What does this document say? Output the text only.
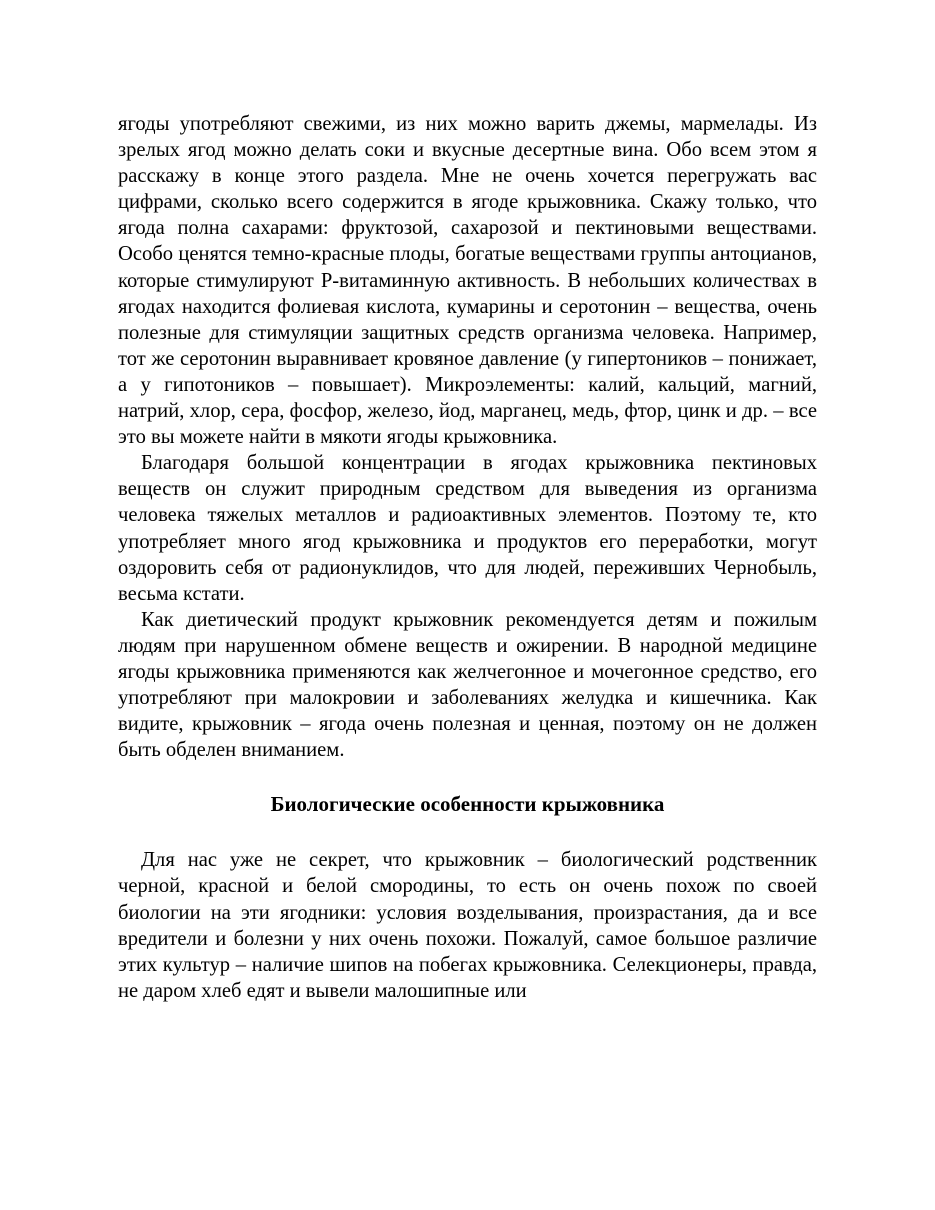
ягоды употребляют свежими, из них можно варить джемы, мармелады. Из зрелых ягод можно делать соки и вкусные десертные вина. Обо всем этом я расскажу в конце этого раздела. Мне не очень хочется перегружать вас цифрами, сколько всего содержится в ягоде крыжовника. Скажу только, что ягода полна сахарами: фруктозой, сахарозой и пектиновыми веществами. Особо ценятся темно-красные плоды, богатые веществами группы антоцианов, которые стимулируют Р-витаминную активность. В небольших количествах в ягодах находится фолиевая кислота, кумарины и серотонин – вещества, очень полезные для стимуляции защитных средств организма человека. Например, тот же серотонин выравнивает кровяное давление (у гипертоников – понижает, а у гипотоников – повышает). Микроэлементы: калий, кальций, магний, натрий, хлор, сера, фосфор, железо, йод, марганец, медь, фтор, цинк и др. – все это вы можете найти в мякоти ягоды крыжовника.

Благодаря большой концентрации в ягодах крыжовника пектиновых веществ он служит природным средством для выведения из организма человека тяжелых металлов и радиоактивных элементов. Поэтому те, кто употребляет много ягод крыжовника и продуктов его переработки, могут оздоровить себя от радионуклидов, что для людей, переживших Чернобыль, весьма кстати.

Как диетический продукт крыжовник рекомендуется детям и пожилым людям при нарушенном обмене веществ и ожирении. В народной медицине ягоды крыжовника применяются как желчегонное и мочегонное средство, его употребляют при малокровии и заболеваниях желудка и кишечника. Как видите, крыжовник – ягода очень полезная и ценная, поэтому он не должен быть обделен вниманием.

Биологические особенности крыжовника

Для нас уже не секрет, что крыжовник – биологический родственник черной, красной и белой смородины, то есть он очень похож по своей биологии на эти ягодники: условия возделывания, произрастания, да и все вредители и болезни у них очень похожи. Пожалуй, самое большое различие этих культур – наличие шипов на побегах крыжовника. Селекционеры, правда, не даром хлеб едят и вывели малошипные или
